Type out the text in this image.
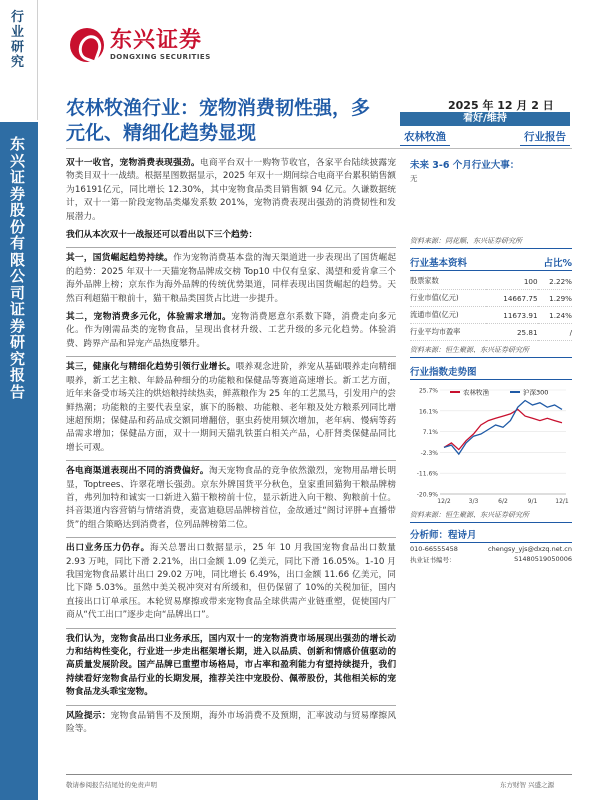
行业研究
东兴证券股份有限公司证券研究报告
东兴证券
DONGXING SECURITIES
农林牧渔行业：宠物消费韧性强，多元化、精细化趋势显现
2025 年 12 月 2 日
看好/维持
农林牧渔	行业报告

双十一收官，宠物消费表现强劲。电商平台双十一购物节收官，各家平台陆续披露宠物类目双十一战绩。根据星图数据显示，2025 年双十一期间综合电商平台累积销售额为16191亿元，同比增长 12.30%，其中宠物食品类目销售额 94 亿元。久谦数据统计，双十一第一阶段宠物品类爆发系数 201%，宠物消费表现出强劲的消费韧性和发展潜力。

我们从本次双十一战报还可以看出以下三个趋势：

其一，国货崛起趋势持续。作为宠物消费基本盘的淘天渠道进一步表现出了国货崛起的趋势：2025 年双十一天猫宠物品牌成交榜 Top10 中仅有皇家、渴望和爱肯拿三个海外品牌上榜；京东作为海外品牌的传统优势渠道，同样表现出国货崛起的趋势。天然百利超猫干粮前十，猫干粮品类国货占比进一步提升。

其二，宠物消费多元化，体验需求增加。宠物消费愿意尔系数下降，消费走向多元化。作为刚需品类的宠物食品，呈现出食材升级、工艺升级的多元化趋势。体验消费、跨界产品和异宠产品热度攀升。

其三，健康化与精细化趋势引领行业增长。喂养观念进阶，养宠从基础喂养走向精细喂养，新工艺主粮、年龄品种细分的功能粮和保健品等赛道高速增长。新工艺方面，近年来备受市场关注的烘焙粮持续热卖，鲜蒸粮作为 25 年的工艺黑马，引发用户的尝鲜热潮；功能粮的主要代表皇家，旗下的肠粮、功能粮、老年粮及处方粮系列同比增速超预期；保健品和药品成交额同增翻倍，驱虫药使用频次增加，老年病、慢病等药品需求增加；保健品方面，双十一期间天猫乳铁蛋白相关产品，心肝肾类保健品同比增长可观。

各电商渠道表现出不同的消费偏好。淘天宠物食品的竞争依然激烈，宠物用品增长明显，Toptrees、许翠花增长强劲。京东外牌国货平分秋色，皇家重回猫狗干粮品牌榜首，弗列加特和诚实一口新进入猫干粮榜前十位，显示新进入向干粮、狗粮前十位。抖音渠道内容营销与情绪消费，麦富迪稳居品牌榜首位，金故通过“阁讨评胖+直播带货”的组合策略达到消费者，位列品牌榜第二位。

出口业务压力仍存。海关总署出口数据显示，25 年 10 月我国宠物食品出口数量 2.93 万吨，同比下滑 2.21%，出口金额 1.09 亿美元，同比下滑 16.05%。1-10 月我国宠物食品累计出口 29.02 万吨，同比增长 6.49%，出口金额 11.66 亿美元，同比下降 5.03%。虽然中美关税冲突对有所缓和，但仍保留了 10%的关税加征，国内直接出口订单承压。本轮贸易摩擦或带来宠物食品全球供需产业链重塑，促使国内厂商从“代工出口”逐步走向“品牌出口”。

我们认为，宠物食品出口业务承压，国内双十一的宠物消费市场展现出强劲的增长动力和结构性变化，行业进一步走出框架增长期，进入以品质、创新和情感价值驱动的高质量发展阶段。国产品牌已重塑市场格局，市占率和盈利能力有望持续提升，我们持续看好宠物食品行业的长期发展，推荐关注中宠股份、佩蒂股份，其他相关标的宠物食品龙头乖宝宠物。

风险提示：宠物食品销售不及预期，海外市场消费不及预期，汇率波动与贸易摩擦风险等。

未来 3-6 个月行业大事：
无
资料来源：同花顺、东兴证券研究所
行业基本资料	占比%
股票家数	100	2.22%
行业市值(亿元)	14667.75	1.29%
流通市值(亿元)	11673.91	1.24%
行业平均市盈率	25.81	/
资料来源：恒生聚源、东兴证券研究所
行业指数走势图
25.7%
16.1%
7.1%
-2.3%
-11.6%
-20.9%
12/2	3/3	6/2	9/1	12/1
农林牧渔	沪深300
资料来源：恒生聚源、东兴证券研究所
分析师：程诗月
010-66555458	chengsy_yjs@dxzq.net.cn
执业证书编号：	S1480519050006
敬请参阅报告结尾处的免责声明	东方财智 兴盛之源
